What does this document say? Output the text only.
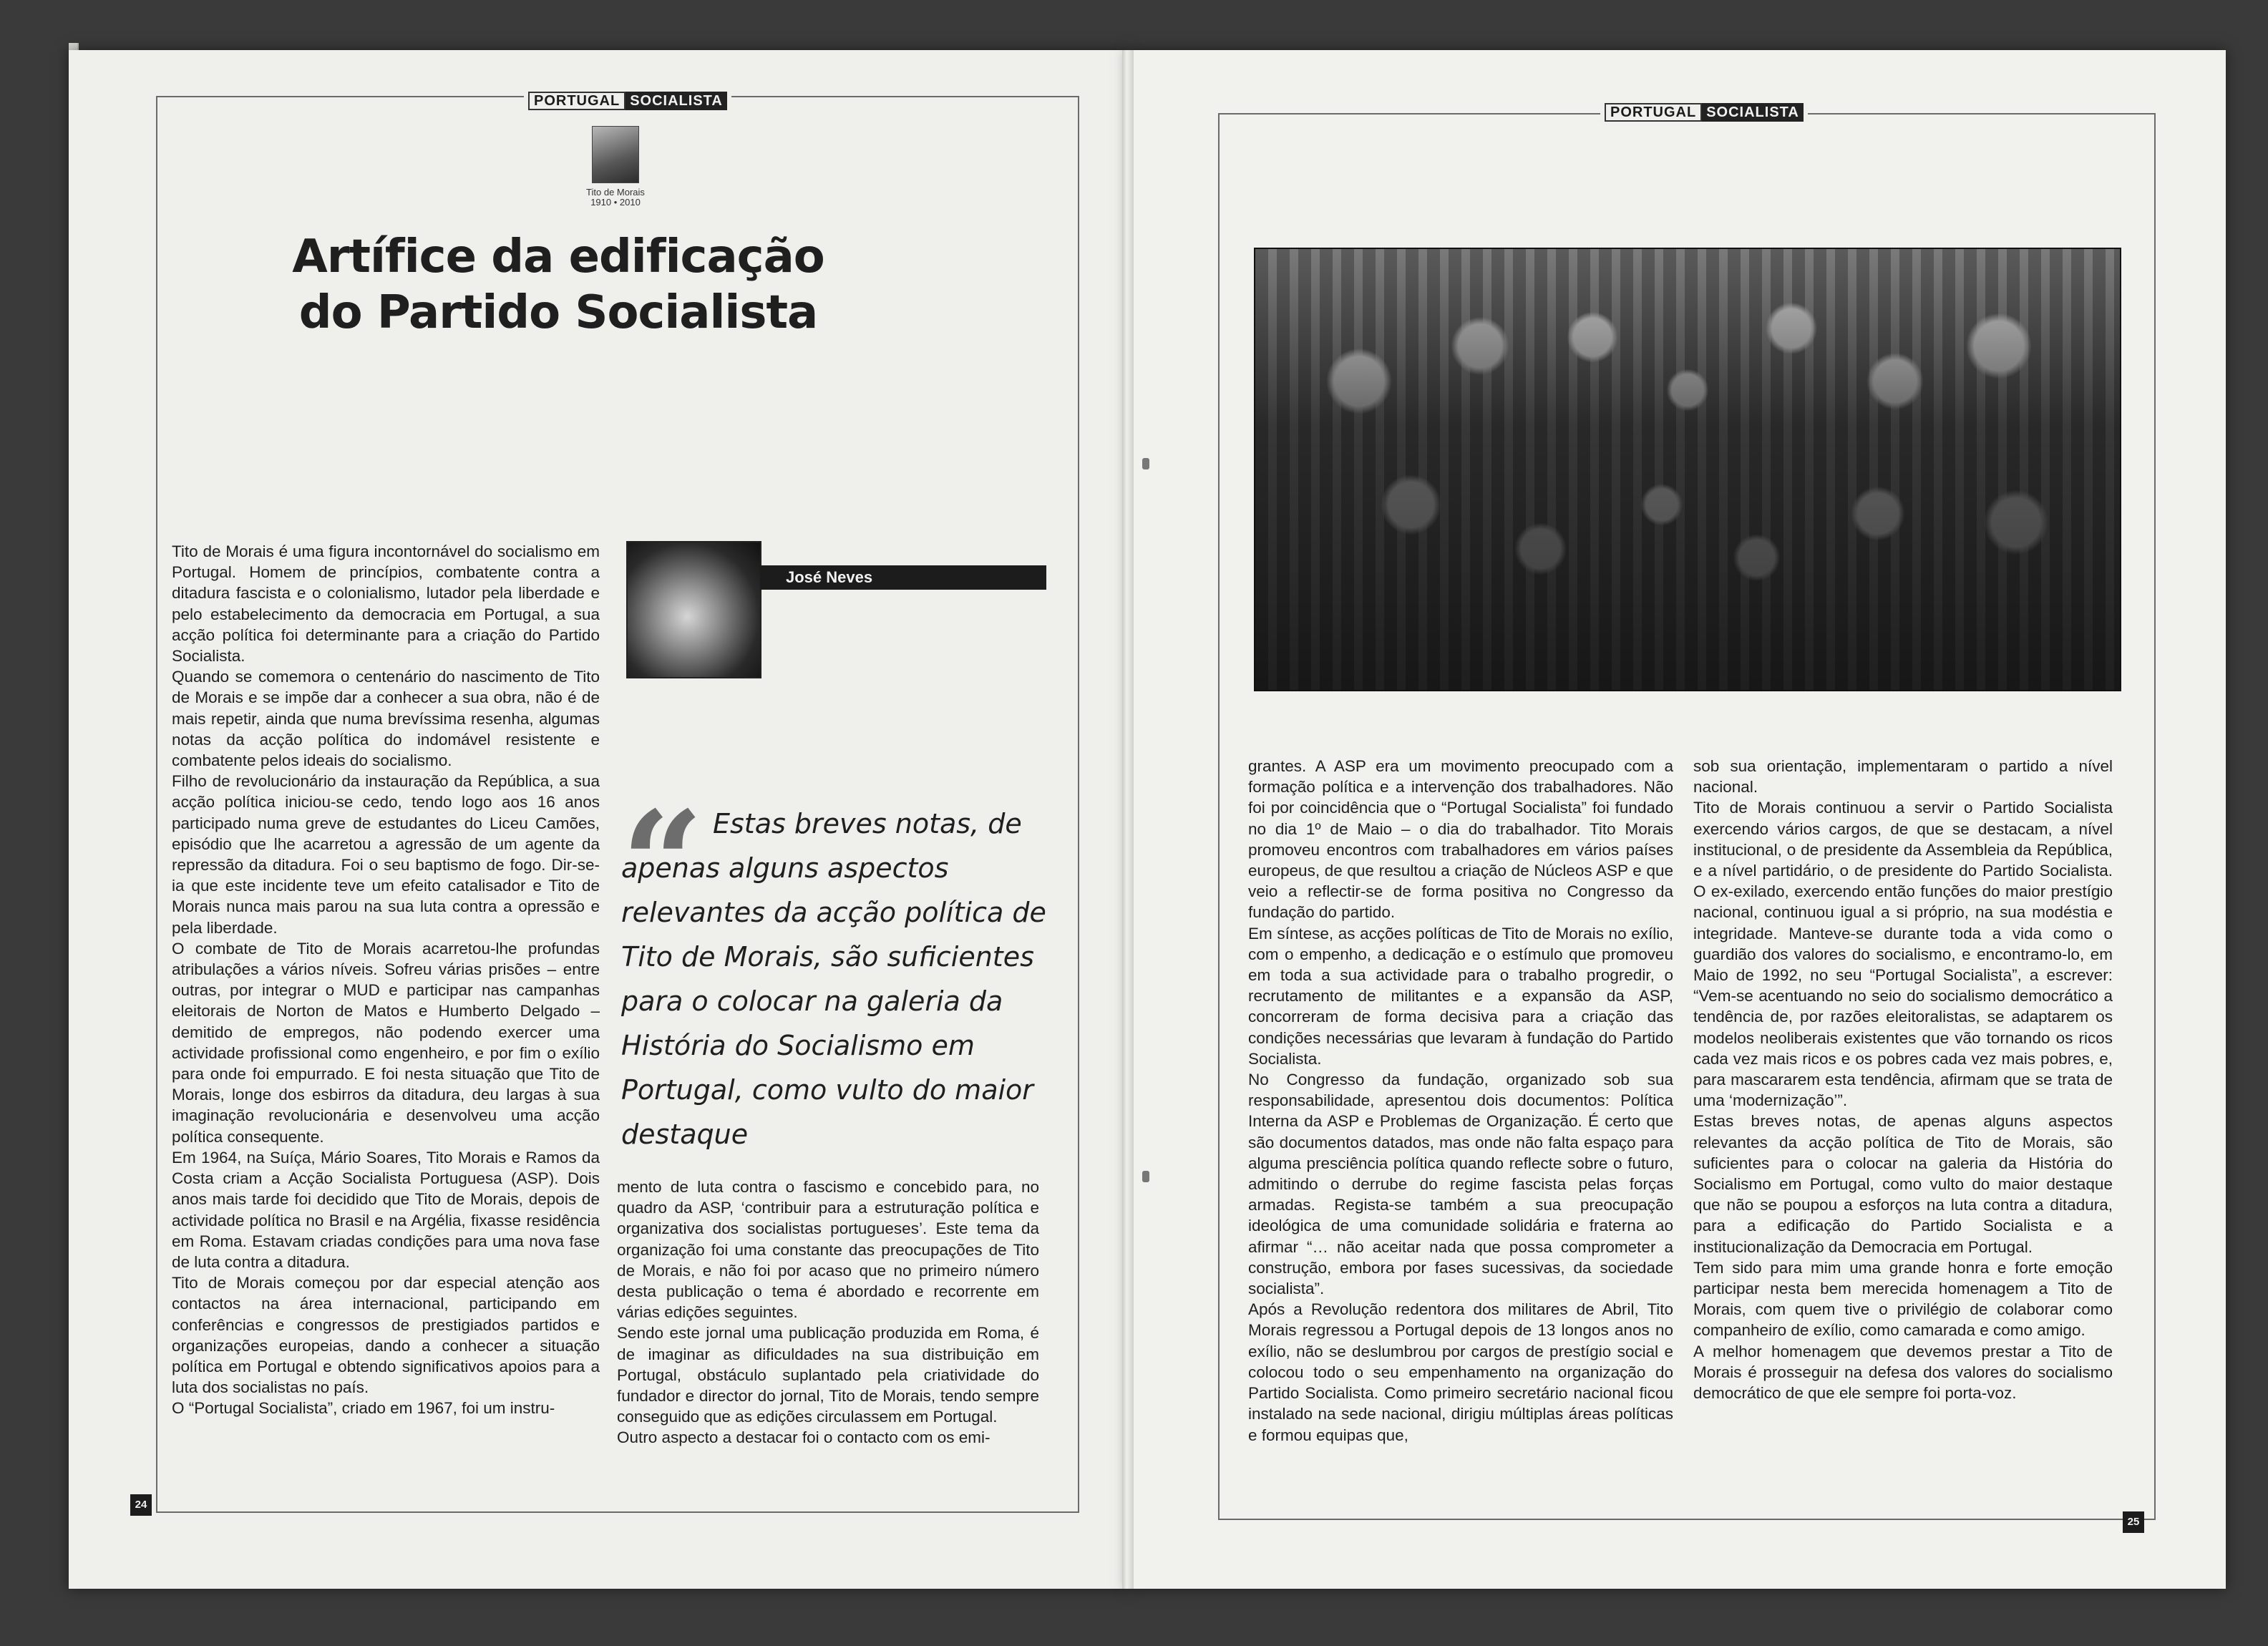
PORTUGAL SOCIALISTA
Tito de Morais
1910 • 2010
Artífice da edificação
do Partido Socialista

Tito de Morais é uma figura incontornável do socialismo em Portugal. Homem de princípios, combatente contra a ditadura fascista e o colonialismo, lutador pela liberdade e pelo estabelecimento da democracia em Portugal, a sua acção política foi determinante para a criação do Partido Socialista.

Quando se comemora o centenário do nascimento de Tito de Morais e se impõe dar a conhecer a sua obra, não é de mais repetir, ainda que numa brevíssima resenha, algumas notas da acção política do indomável resistente e combatente pelos ideais do socialismo.

Filho de revolucionário da instauração da República, a sua acção política iniciou-se cedo, tendo logo aos 16 anos participado numa greve de estudantes do Liceu Camões, episódio que lhe acarretou a agressão de um agente da repressão da ditadura. Foi o seu baptismo de fogo. Dir-se-ia que este incidente teve um efeito catalisador e Tito de Morais nunca mais parou na sua luta contra a opressão e pela liberdade.

O combate de Tito de Morais acarretou-lhe profundas atribulações a vários níveis. Sofreu várias prisões – entre outras, por integrar o MUD e participar nas campanhas eleitorais de Norton de Matos e Humberto Delgado – demitido de empregos, não podendo exercer uma actividade profissional como engenheiro, e por fim o exílio para onde foi empurrado. E foi nesta situação que Tito de Morais, longe dos esbirros da ditadura, deu largas à sua imaginação revolucionária e desenvolveu uma acção política consequente.

Em 1964, na Suíça, Mário Soares, Tito Morais e Ramos da Costa criam a Acção Socialista Portuguesa (ASP). Dois anos mais tarde foi decidido que Tito de Morais, depois de actividade política no Brasil e na Argélia, fixasse residência em Roma. Estavam criadas condições para uma nova fase de luta contra a ditadura.

Tito de Morais começou por dar especial atenção aos contactos na área internacional, participando em conferências e congressos de prestigiados partidos e organizações europeias, dando a conhecer a situação política em Portugal e obtendo significativos apoios para a luta dos socialistas no país.

O “Portugal Socialista”, criado em 1967, foi um instru-

José Neves
“ Estas breves notas, de apenas alguns aspectos relevantes da acção política de Tito de Morais, são suficientes para o colocar na galeria da História do Socialismo em Portugal, como vulto do maior destaque

mento de luta contra o fascismo e concebido para, no quadro da ASP, ‘contribuir para a estruturação política e organizativa dos socialistas portugueses’. Este tema da organização foi uma constante das preocupações de Tito de Morais, e não foi por acaso que no primeiro número desta publicação o tema é abordado e recorrente em várias edições seguintes.

Sendo este jornal uma publicação produzida em Roma, é de imaginar as dificuldades na sua distribuição em Portugal, obstáculo suplantado pela criatividade do fundador e director do jornal, Tito de Morais, tendo sempre conseguido que as edições circulassem em Portugal.

Outro aspecto a destacar foi o contacto com os emi-

24
PORTUGAL SOCIALISTA

grantes. A ASP era um movimento preocupado com a formação política e a intervenção dos trabalhadores. Não foi por coincidência que o “Portugal Socialista” foi fundado no dia 1º de Maio – o dia do trabalhador. Tito Morais promoveu encontros com trabalhadores em vários países europeus, de que resultou a criação de Núcleos ASP e que veio a reflectir-se de forma positiva no Congresso da fundação do partido.

Em síntese, as acções políticas de Tito de Morais no exílio, com o empenho, a dedicação e o estímulo que promoveu em toda a sua actividade para o trabalho progredir, o recrutamento de militantes e a expansão da ASP, concorreram de forma decisiva para a criação das condições necessárias que levaram à fundação do Partido Socialista.

No Congresso da fundação, organizado sob sua responsabilidade, apresentou dois documentos: Política Interna da ASP e Problemas de Organização. É certo que são documentos datados, mas onde não falta espaço para alguma presciência política quando reflecte sobre o futuro, admitindo o derrube do regime fascista pelas forças armadas. Regista-se também a sua preocupação ideológica de uma comunidade solidária e fraterna ao afirmar “… não aceitar nada que possa comprometer a construção, embora por fases sucessivas, da sociedade socialista”.

Após a Revolução redentora dos militares de Abril, Tito Morais regressou a Portugal depois de 13 longos anos no exílio, não se deslumbrou por cargos de prestígio social e colocou todo o seu empenhamento na organização do Partido Socialista. Como primeiro secretário nacional ficou instalado na sede nacional, dirigiu múltiplas áreas políticas e formou equipas que,

sob sua orientação, implementaram o partido a nível nacional.

Tito de Morais continuou a servir o Partido Socialista exercendo vários cargos, de que se destacam, a nível institucional, o de presidente da Assembleia da República, e a nível partidário, o de presidente do Partido Socialista. O ex-exilado, exercendo então funções do maior prestígio nacional, continuou igual a si próprio, na sua modéstia e integridade. Manteve-se durante toda a vida como o guardião dos valores do socialismo, e encontramo-lo, em Maio de 1992, no seu “Portugal Socialista”, a escrever: “Vem-se acentuando no seio do socialismo democrático a tendência de, por razões eleitoralistas, se adaptarem os modelos neoliberais existentes que vão tornando os ricos cada vez mais ricos e os pobres cada vez mais pobres, e, para mascararem esta tendência, afirmam que se trata de uma ‘modernização’”.

Estas breves notas, de apenas alguns aspectos relevantes da acção política de Tito de Morais, são suficientes para o colocar na galeria da História do Socialismo em Portugal, como vulto do maior destaque que não se poupou a esforços na luta contra a ditadura, para a edificação do Partido Socialista e a institucionalização da Democracia em Portugal.

Tem sido para mim uma grande honra e forte emoção participar nesta bem merecida homenagem a Tito de Morais, com quem tive o privilégio de colaborar como companheiro de exílio, como camarada e como amigo.

A melhor homenagem que devemos prestar a Tito de Morais é prosseguir na defesa dos valores do socialismo democrático de que ele sempre foi porta-voz.

25
